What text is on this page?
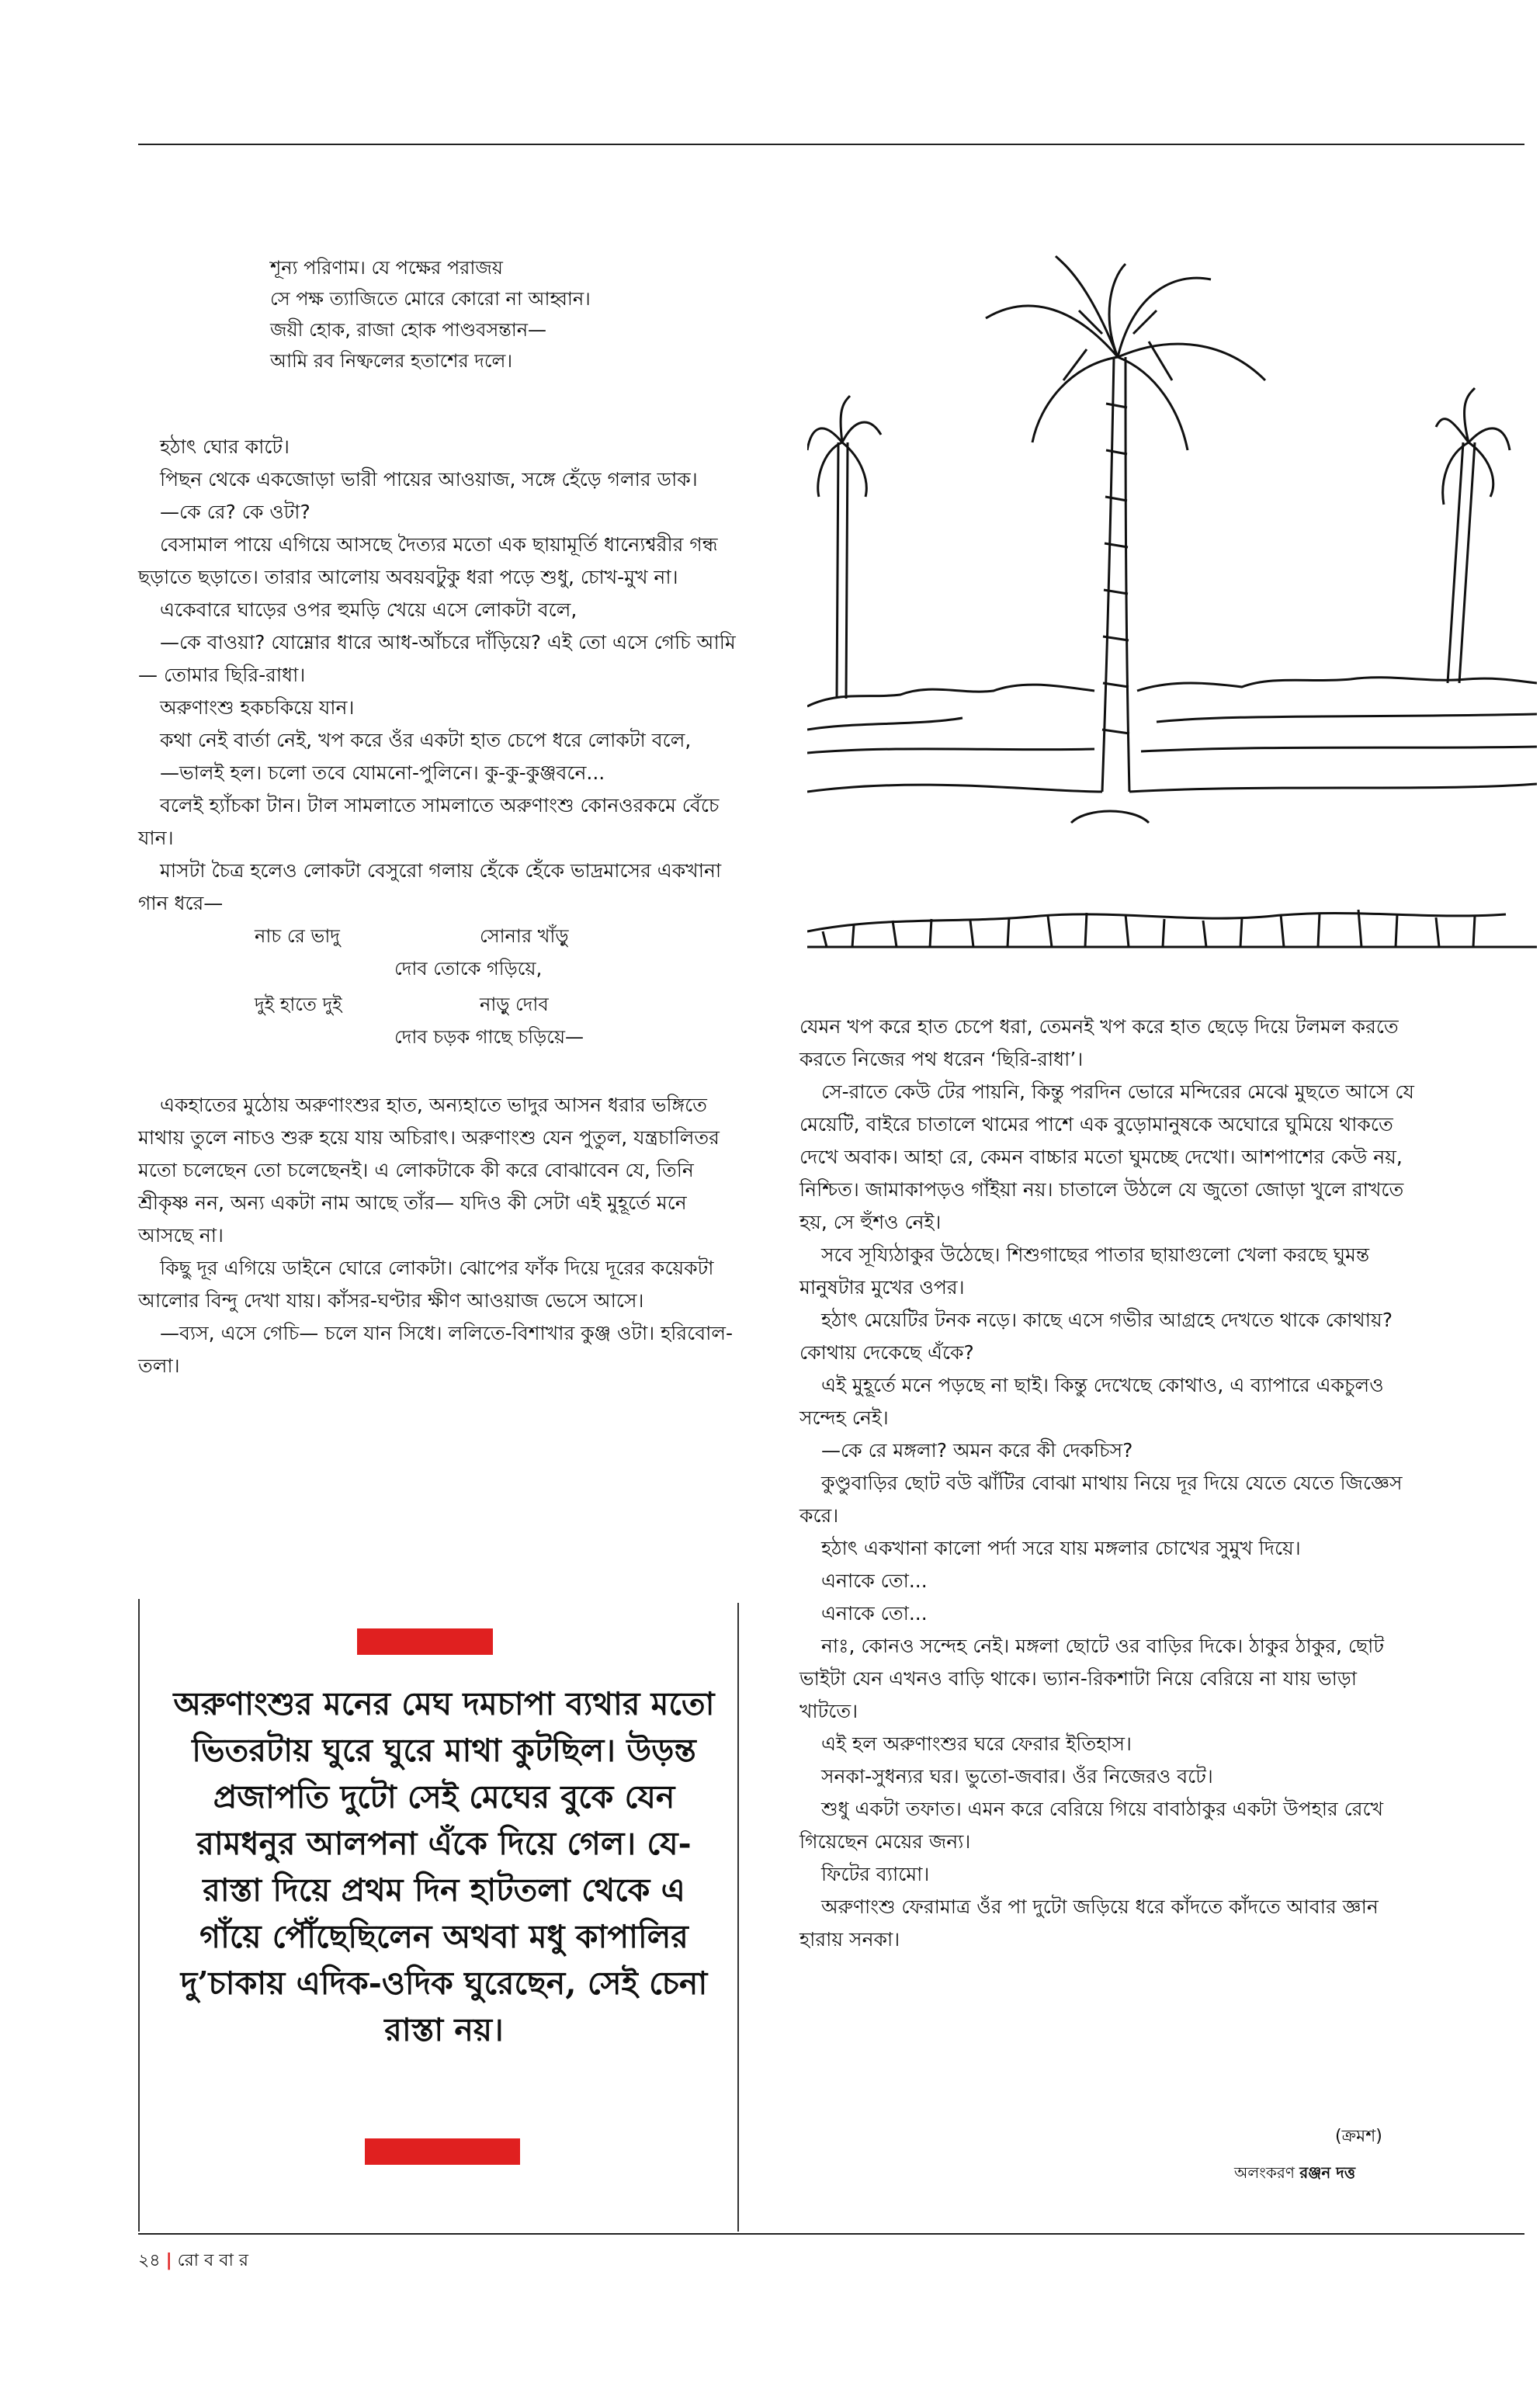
শূন্য পরিণাম। যে পক্ষের পরাজয়
সে পক্ষ ত্যাজিতে মোরে কোরো না আহ্বান।
জয়ী হোক, রাজা হোক পাণ্ডবসন্তান—
আমি রব নিষ্ফলের হতাশের দলে।

হঠাৎ ঘোর কাটে।

পিছন থেকে একজোড়া ভারী পায়ের আওয়াজ, সঙ্গে হেঁড়ে গলার ডাক।

—কে রে? কে ওটা?

বেসামাল পায়ে এগিয়ে আসছে দৈত্যর মতো এক ছায়ামূর্তি ধান্যেশ্বরীর গন্ধ ছড়াতে ছড়াতে। তারার আলোয় অবয়বটুকু ধরা পড়ে শুধু, চোখ-মুখ না।

একেবারে ঘাড়ের ওপর হুমড়ি খেয়ে এসে লোকটা বলে,

—কে বাওয়া? যোম্নোর ধারে আধ-আঁচরে দাঁড়িয়ে? এই তো এসে গেচি আমি— তোমার ছিরি-রাধা।

অরুণাংশু হকচকিয়ে যান।

কথা নেই বার্তা নেই, খপ করে ওঁর একটা হাত চেপে ধরে লোকটা বলে,

—ভালই হল। চলো তবে যোমনো-পুলিনে। কু-কু-কুঞ্জবনে...

বলেই হ্যাঁচকা টান। টাল সামলাতে সামলাতে অরুণাংশু কোনওরকমে বেঁচে যান।

মাসটা চৈত্র হলেও লোকটা বেসুরো গলায় হেঁকে হেঁকে ভাদ্রমাসের একখানা গান ধরে—

নাচ রে ভাদু	সোনার খাঁড়ু
দোব তোকে গড়িয়ে,
দুই হাতে দুই	নাড়ু দোব
দোব চড়ক গাছে চড়িয়ে—

একহাতের মুঠোয় অরুণাংশুর হাত, অন্যহাতে ভাদুর আসন ধরার ভঙ্গিতে মাথায় তুলে নাচও শুরু হয়ে যায় অচিরাৎ। অরুণাংশু যেন পুতুল, যন্ত্রচালিতর মতো চলেছেন তো চলেছেনই। এ লোকটাকে কী করে বোঝাবেন যে, তিনি শ্রীকৃষ্ণ নন, অন্য একটা নাম আছে তাঁর— যদিও কী সেটা এই মুহূর্তে মনে আসছে না।

কিছু দূর এগিয়ে ডাইনে ঘোরে লোকটা। ঝোপের ফাঁক দিয়ে দূরের কয়েকটা আলোর বিন্দু দেখা যায়। কাঁসর-ঘণ্টার ক্ষীণ আওয়াজ ভেসে আসে।

—ব্যস, এসে গেচি— চলে যান সিধে। ললিতে-বিশাখার কুঞ্জ ওটা। হরিবোল-তলা।

অরুণাংশুর মনের মেঘ দমচাপা ব্যথার মতো ভিতরটায় ঘুরে ঘুরে মাথা কুটছিল। উড়ন্ত প্রজাপতি দুটো সেই মেঘের বুকে যেন রামধনুর আলপনা এঁকে দিয়ে গেল। যে-রাস্তা দিয়ে প্রথম দিন হাটতলা থেকে এ গাঁয়ে পৌঁছেছিলেন অথবা মধু কাপালির দু’চাকায় এদিক-ওদিক ঘুরেছেন, সেই চেনা রাস্তা নয়।

যেমন খপ করে হাত চেপে ধরা, তেমনই খপ করে হাত ছেড়ে দিয়ে টলমল করতে করতে নিজের পথ ধরেন ‘ছিরি-রাধা’।

সে-রাতে কেউ টের পায়নি, কিন্তু পরদিন ভোরে মন্দিরের মেঝে মুছতে আসে যে মেয়েটি, বাইরে চাতালে থামের পাশে এক বুড়োমানুষকে অঘোরে ঘুমিয়ে থাকতে দেখে অবাক। আহা রে, কেমন বাচ্চার মতো ঘুমচ্ছে দেখো। আশপাশের কেউ নয়, নিশ্চিত। জামাকাপড়ও গাঁইয়া নয়। চাতালে উঠলে যে জুতো জোড়া খুলে রাখতে হয়, সে হুঁশও নেই।

সবে সূয্যিঠাকুর উঠেছে। শিশুগাছের পাতার ছায়াগুলো খেলা করছে ঘুমন্ত মানুষটার মুখের ওপর।

হঠাৎ মেয়েটির টনক নড়ে। কাছে এসে গভীর আগ্রহে দেখতে থাকে কোথায়? কোথায় দেকেছে এঁকে?

এই মুহূর্তে মনে পড়ছে না ছাই। কিন্তু দেখেছে কোথাও, এ ব্যাপারে একচুলও সন্দেহ নেই।

—কে রে মঙ্গলা? অমন করে কী দেকচিস?

কুণ্ডুবাড়ির ছোট বউ ঝাঁটির বোঝা মাথায় নিয়ে দূর দিয়ে যেতে যেতে জিজ্ঞেস করে।

হঠাৎ একখানা কালো পর্দা সরে যায় মঙ্গলার চোখের সুমুখ দিয়ে।

এনাকে তো...

এনাকে তো...

নাঃ, কোনও সন্দেহ নেই। মঙ্গলা ছোটে ওর বাড়ির দিকে। ঠাকুর ঠাকুর, ছোট ভাইটা যেন এখনও বাড়ি থাকে। ভ্যান-রিকশাটা নিয়ে বেরিয়ে না যায় ভাড়া খাটতে।

এই হল অরুণাংশুর ঘরে ফেরার ইতিহাস।

সনকা-সুধন্যর ঘর। ভুতো-জবার। ওঁর নিজেরও বটে।

শুধু একটা তফাত। এমন করে বেরিয়ে গিয়ে বাবাঠাকুর একটা উপহার রেখে গিয়েছেন মেয়ের জন্য।

ফিটের ব্যামো।

অরুণাংশু ফেরামাত্র ওঁর পা দুটো জড়িয়ে ধরে কাঁদতে কাঁদতে আবার জ্ঞান হারায় সনকা।

(ক্রমশ)
অলংকরণ রঞ্জন দত্ত
২৪ | রো ব বা র
